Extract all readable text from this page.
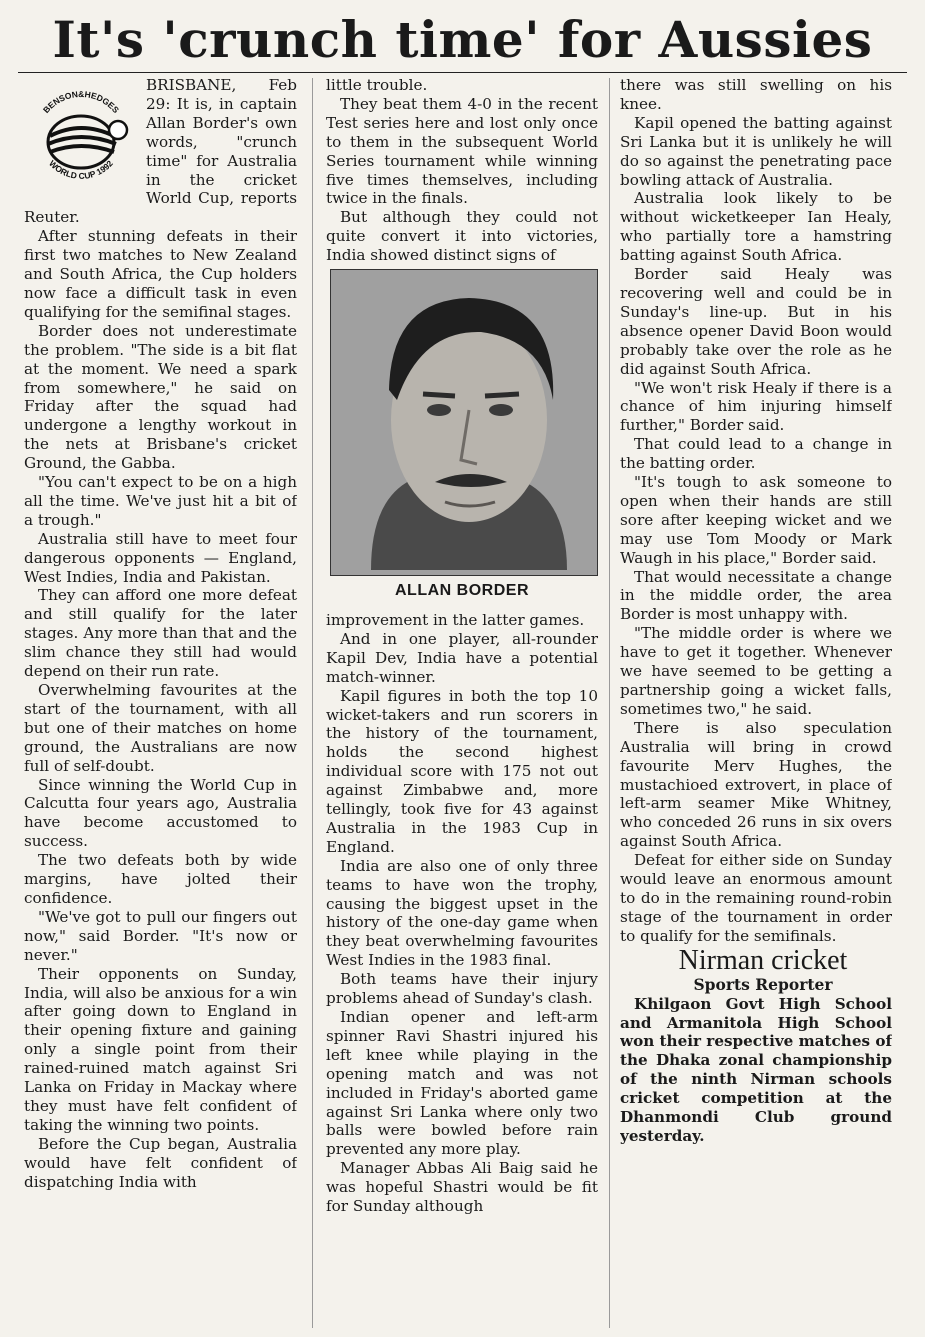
It's 'crunch time' for Aussies
BENSON&HEDGES
WORLD CUP 1992

BRISBANE, Feb 29: It is, in captain Allan Border's own words, "crunch time" for Australia in the cricket World Cup, reports Reuter.

After stunning defeats in their first two matches to New Zealand and South Africa, the Cup holders now face a difficult task in even qualifying for the semifinal stages.

Border does not underestimate the problem. "The side is a bit flat at the moment. We need a spark from somewhere," he said on Friday after the squad had undergone a lengthy workout in the nets at Brisbane's cricket Ground, the Gabba.

"You can't expect to be on a high all the time. We've just hit a bit of a trough."

Australia still have to meet four dangerous opponents — England, West Indies, India and Pakistan.

They can afford one more defeat and still qualify for the later stages. Any more than that and the slim chance they still had would depend on their run rate.

Overwhelming favourites at the start of the tournament, with all but one of their matches on home ground, the Australians are now full of self-doubt.

Since winning the World Cup in Calcutta four years ago, Australia have become accustomed to success.

The two defeats both by wide margins, have jolted their confidence.

"We've got to pull our fingers out now," said Border. "It's now or never."

Their opponents on Sunday, India, will also be anxious for a win after going down to England in their opening fixture and gaining only a single point from their rained-ruined match against Sri Lanka on Friday in Mackay where they must have felt confident of taking the winning two points.

Before the Cup began, Australia would have felt confident of dispatching India with

little trouble.

They beat them 4-0 in the recent Test series here and lost only once to them in the subsequent World Series tournament while winning five times themselves, including twice in the finals.

But although they could not quite convert it into victories, India showed distinct signs of

ALLAN BORDER

improvement in the latter games.

And in one player, all-rounder Kapil Dev, India have a potential match-winner.

Kapil figures in both the top 10 wicket-takers and run scorers in the history of the tournament, holds the second highest individual score with 175 not out against Zimbabwe and, more tellingly, took five for 43 against Australia in the 1983 Cup in England.

India are also one of only three teams to have won the trophy, causing the biggest upset in the history of the one-day game when they beat overwhelming favourites West Indies in the 1983 final.

Both teams have their injury problems ahead of Sunday's clash.

Indian opener and left-arm spinner Ravi Shastri injured his left knee while playing in the opening match and was not included in Friday's aborted game against Sri Lanka where only two balls were bowled before rain prevented any more play.

Manager Abbas Ali Baig said he was hopeful Shastri would be fit for Sunday although

there was still swelling on his knee.

Kapil opened the batting against Sri Lanka but it is unlikely he will do so against the penetrating pace bowling attack of Australia.

Australia look likely to be without wicketkeeper Ian Healy, who partially tore a hamstring batting against South Africa.

Border said Healy was recovering well and could be in Sunday's line-up. But in his absence opener David Boon would probably take over the role as he did against South Africa.

"We won't risk Healy if there is a chance of him injuring himself further," Border said.

That could lead to a change in the batting order.

"It's tough to ask someone to open when their hands are still sore after keeping wicket and we may use Tom Moody or Mark Waugh in his place," Border said.

That would necessitate a change in the middle order, the area Border is most unhappy with.

"The middle order is where we have to get it together. Whenever we have seemed to be getting a partnership going a wicket falls, sometimes two," he said.

There is also speculation Australia will bring in crowd favourite Merv Hughes, the mustachioed extrovert, in place of left-arm seamer Mike Whitney, who conceded 26 runs in six overs against South Africa.

Defeat for either side on Sunday would leave an enormous amount to do in the remaining round-robin stage of the tournament in order to qualify for the semifinals.

Nirman cricket

Sports Reporter

Khilgaon Govt High School and Armanitola High School won their respective matches of the Dhaka zonal championship of the ninth Nirman schools cricket competition at the Dhanmondi Club ground yesterday.
